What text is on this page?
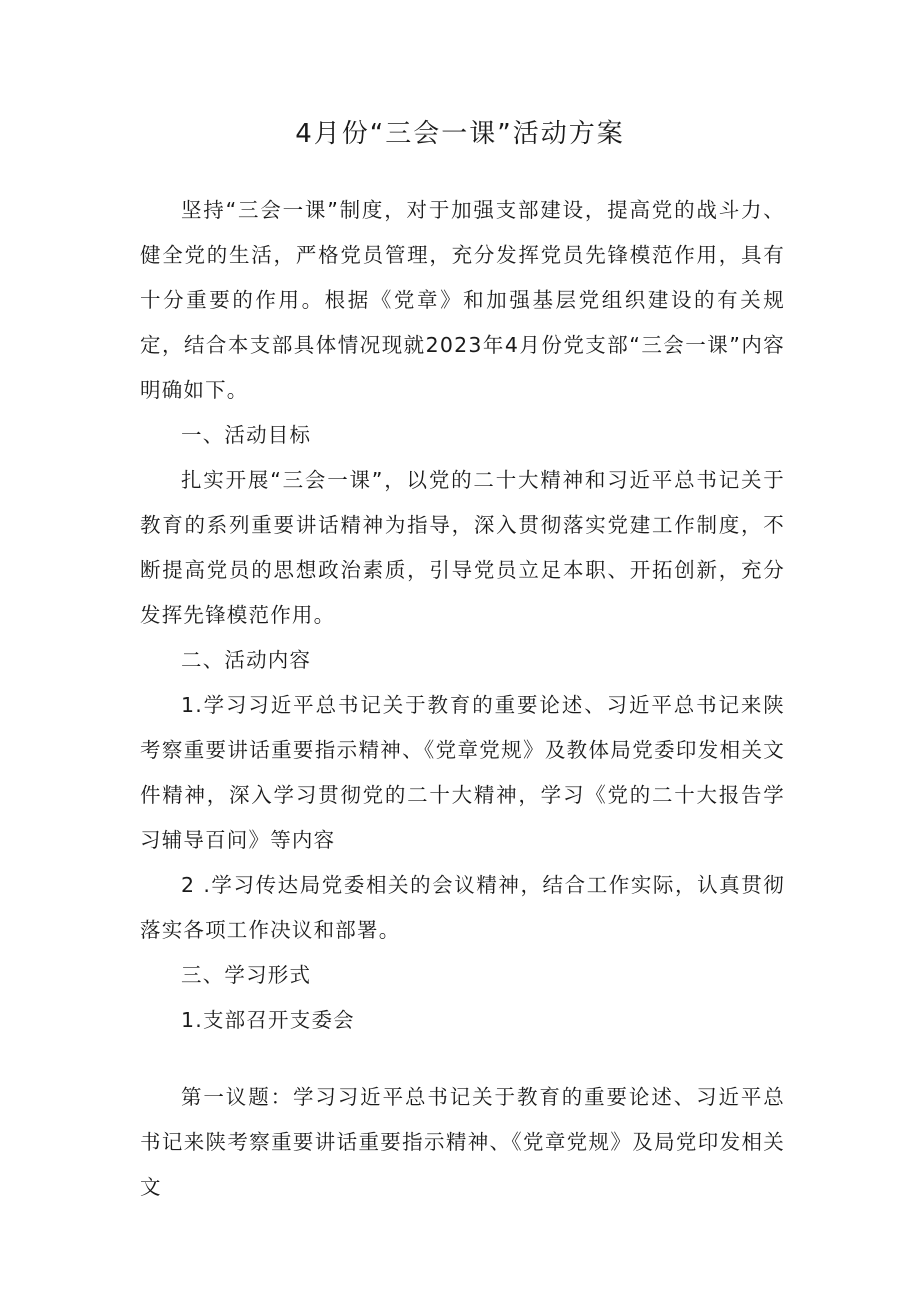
4月份“三会一课”活动方案

坚持“三会一课”制度，对于加强支部建设，提高党的战斗力、健全党的生活，严格党员管理，充分发挥党员先锋模范作用，具有十分重要的作用。根据《党章》和加强基层党组织建设的有关规定，结合本支部具体情况现就2023年4月份党支部“三会一课”内容明确如下。

一、活动目标

扎实开展“三会一课”，以党的二十大精神和习近平总书记关于教育的系列重要讲话精神为指导，深入贯彻落实党建工作制度，不断提高党员的思想政治素质，引导党员立足本职、开拓创新，充分发挥先锋模范作用。

二、活动内容

1.学习习近平总书记关于教育的重要论述、习近平总书记来陕考察重要讲话重要指示精神、《党章党规》及教体局党委印发相关文件精神，深入学习贯彻党的二十大精神，学习《党的二十大报告学习辅导百问》等内容

2 .学习传达局党委相关的会议精神，结合工作实际，认真贯彻落实各项工作决议和部署。

三、学习形式

1.支部召开支委会

第一议题：学习习近平总书记关于教育的重要论述、习近平总书记来陕考察重要讲话重要指示精神、《党章党规》及局党印发相关文
